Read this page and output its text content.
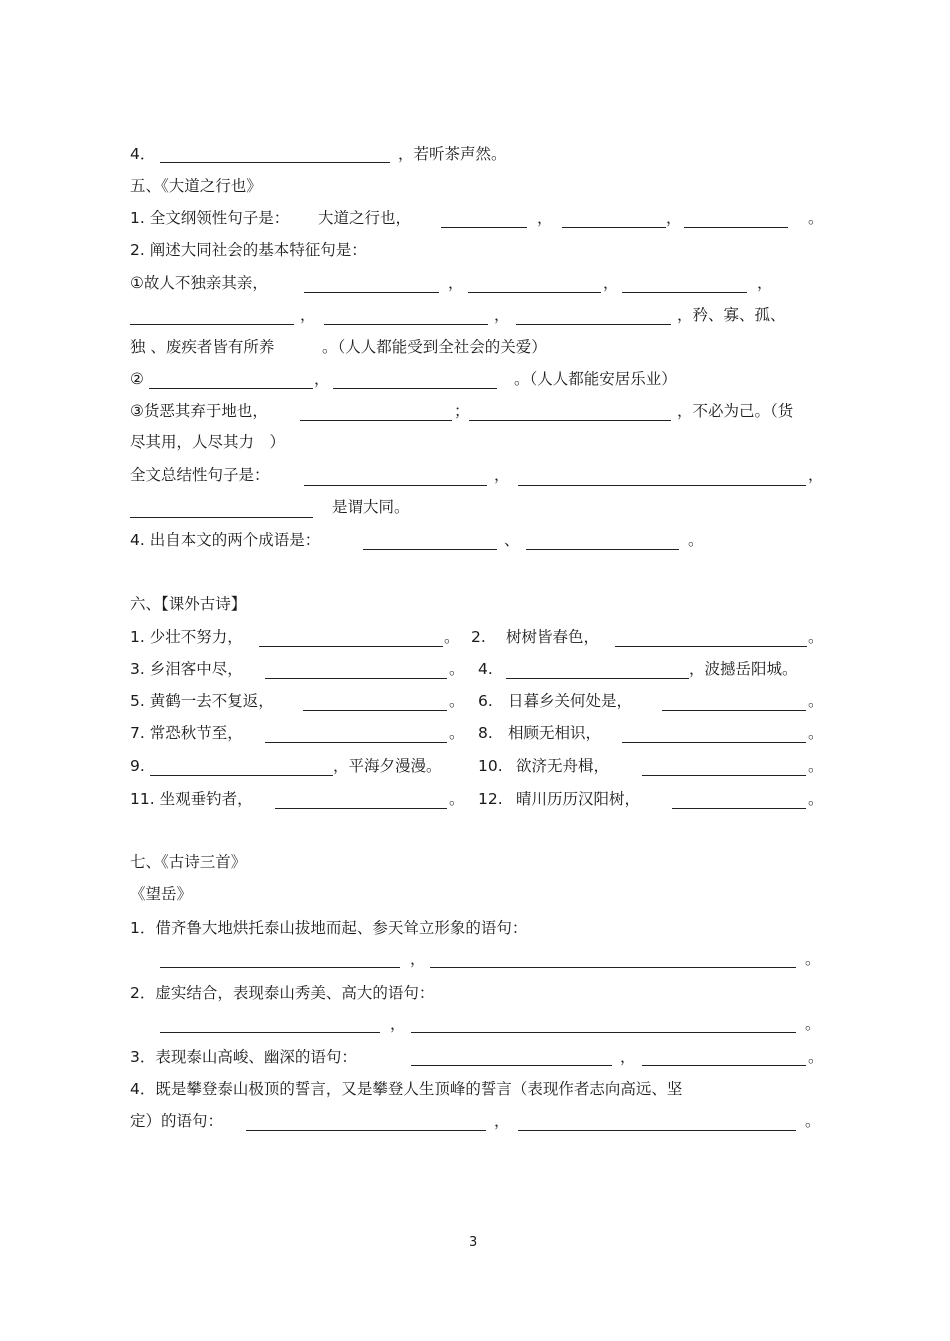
4．	，若听茶声然。
五、《大道之行也》
1. 全文纲领性句子是： 大道之行也，	，	，	。
2. 阐述大同社会的基本特征句是：
①故人不独亲其亲，	，	，	，
，	，	，矜、寡、孤、
独 、废疾者皆有所养	。（人人都能受到全社会的关爱）
②	，	。（人人都能安居乐业）
③货恶其弃于地也，	；	，不必为己。（货
尽其用，人尽其力　）
全文总结性句子是：	，	，
是谓大同。
4. 出自本文的两个成语是：	、	。
六、【课外古诗】
1. 少壮不努力，	。 2. 树树皆春色，	。
3. 乡泪客中尽，	。 4.	，波撼岳阳城。
5. 黄鹤一去不复返，	。 6. 日暮乡关何处是，	。
7. 常恐秋节至，	。 8. 相顾无相识，	。
9.	，平海夕漫漫。 10. 欲济无舟楫，	。
11. 坐观垂钓者，	。 12. 晴川历历汉阳树，	。
七、《古诗三首》
《望岳》
1．借齐鲁大地烘托泰山拔地而起、参天耸立形象的语句：
，	。
2．虚实结合，表现泰山秀美、高大的语句：
，	。
3．表现泰山高峻、幽深的语句：	，	。
4．既是攀登泰山极顶的誓言，又是攀登人生顶峰的誓言（表现作者志向高远、坚
定）的语句：	，	。
3
